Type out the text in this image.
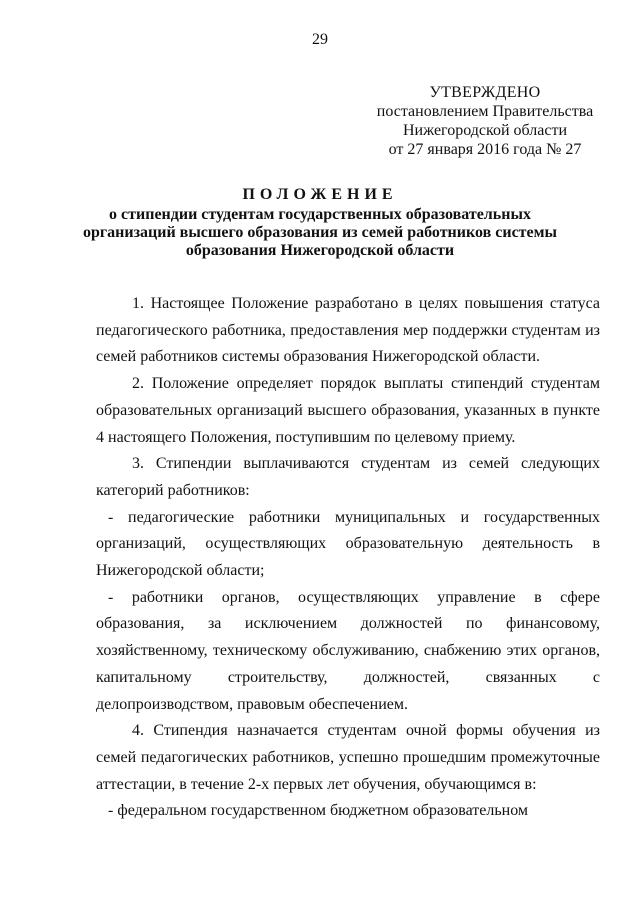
29
УТВЕРЖДЕНО
постановлением Правительства
Нижегородской области
от 27 января 2016 года № 27
ПОЛОЖЕНИЕ
о стипендии студентам государственных образовательных организаций высшего образования из семей работников системы образования Нижегородской области

1. Настоящее Положение разработано в целях повышения статуса педагогического работника, предоставления мер поддержки студентам из семей работников системы образования Нижегородской области.

2. Положение определяет порядок выплаты стипендий студентам образовательных организаций высшего образования, указанных в пункте 4 настоящего Положения, поступившим по целевому приему.

3. Стипендии выплачиваются студентам из семей следующих категорий работников:

- педагогические работники муниципальных и государственных организаций, осуществляющих образовательную деятельность в Нижегородской области;

- работники органов, осуществляющих управление в сфере образования, за исключением должностей по финансовому, хозяйственному, техническому обслуживанию, снабжению этих органов, капитальному строительству, должностей, связанных с делопроизводством, правовым обеспечением.

4. Стипендия назначается студентам очной формы обучения из семей педагогических работников, успешно прошедшим промежуточные аттестации, в течение 2-х первых лет обучения, обучающимся в:

- федеральном государственном бюджетном образовательном
